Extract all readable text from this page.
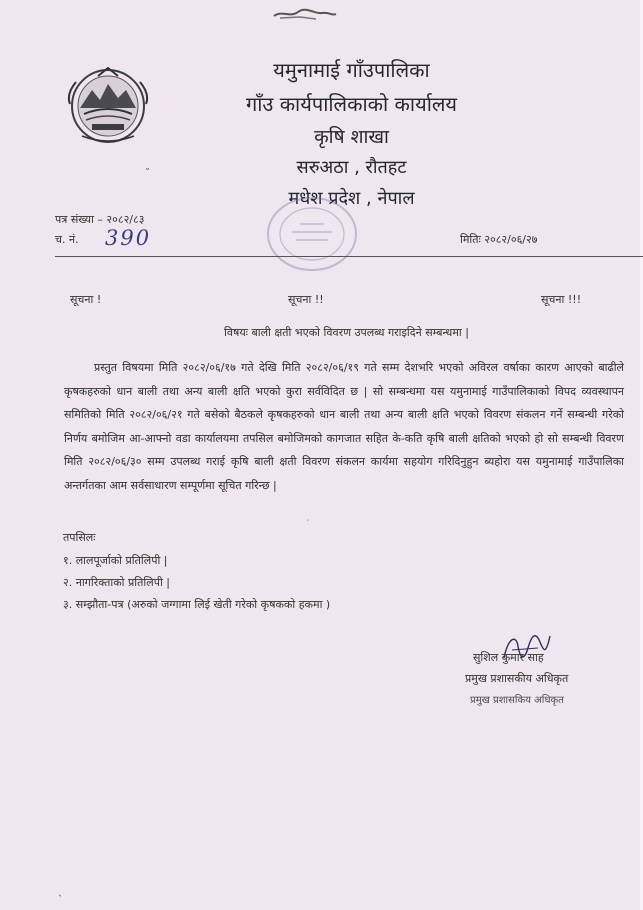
यमुनामाई गाँउपालिका
गाँउ कार्यपालिकाको कार्यालय
कृषि शाखा
सरुअठा , रौतहट
मधेश प्रदेश , नेपाल
˘
पत्र संख्या – २०८२/८३
च. नं. 390	मितिः २०८२/०६/२७
सूचना !	सूचना !!	सूचना !!!
विषयः बाली क्षती भएको विवरण उपलब्ध गराइदिने सम्बन्धमा |

प्रस्तुत विषयमा मिति २०८२/०६/१७ गते देखि मिति २०८२/०६/१९ गते सम्म देशभरि भएको अविरल वर्षाका कारण आएको बाढीले कृषकहरुको धान बाली तथा अन्य बाली क्षति भएको कुरा सर्वविदित छ | सो सम्बन्धमा यस यमुनामाई गाउँपालिकाको विपद व्यवस्थापन समितिको मिति २०८२/०६/२१ गते बसेको बैठकले कृषकहरुको धान बाली तथा अन्य बाली क्षति भएको विवरण संकलन गर्ने सम्बन्धी गरेको निर्णय बमोजिम आ-आफ्नो वडा कार्यालयमा तपसिल बमोजिमको कागजात सहित के-कति कृषि बाली क्षतिको भएको हो सो सम्बन्धी विवरण मिति २०८२/०६/३० सम्म उपलब्ध गराई कृषि बाली क्षती विवरण संकलन कार्यमा सहयोग गरिदिनुहुन ब्यहोरा यस यमुनामाई गाउँपालिका अन्तर्गतका आम सर्वसाधारण सम्पूर्णमा सूचित गरिन्छ |

′
तपसिलः
१. लालपूर्जाको प्रतिलिपी |
२. नागरिक्ताको प्रतिलिपी |
३. सम्झौता-पत्र (अरुको जग्गामा लिई खेती गरेको कृषकको हकमा )
सुशिल कुमार साह
प्रमुख प्रशासकीय अधिकृत
प्रमुख प्रशासकिय अधिकृत
ˎ
